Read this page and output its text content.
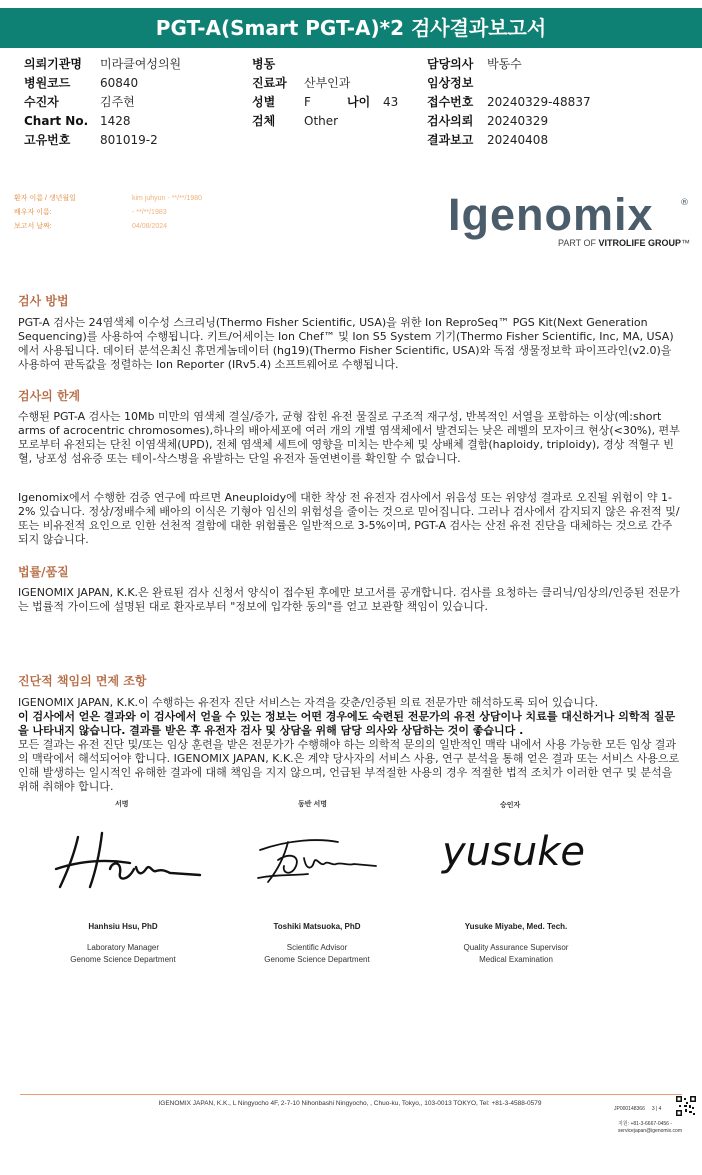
PGT-A(Smart PGT-A)*2 검사결과보고서
의뢰기관명 미라클여성의원
병원코드 60840
수진자	김주현
Chart No. 1428
고유번호 801019-2
병동
진료과 산부인과
성별 F	나이 43
검체 Other
담당의사 박동수
임상정보
접수번호 20240329-48837
검사의뢰 20240329
결과보고 20240408
환자 이름 / 생년월일	kim juhyun - **/**/1980
배우자 이름:	- **/**/1983
보고서 날짜:	04/08/2024	Igenomix	®
PART OF VITROLIFE GROUP™
검사 방법
PGT-A 검사는 24염색체 이수성 스크리닝(Thermo Fisher Scientific, USA)을 위한 Ion ReproSeq™ PGS Kit(Next Generation Sequencing)를 사용하여 수행됩니다. 키트/어세이는 Ion Chef™ 및 Ion S5 System 기기(Thermo Fisher Scientific, Inc, MA, USA)에서 사용됩니다. 데이터 분석은최신 휴먼게놈데이터 (hg19)(Thermo Fisher Scientific, USA)와 독점 생물정보학 파이프라인(v2.0)을 사용하여 판독값을 정렬하는 Ion Reporter (IRv5.4) 소프트웨어로 수행됩니다.
검사의 한계
수행된 PGT-A 검사는 10Mb 미만의 염색체 결실/증가, 균형 잡힌 유전 물질로 구조적 재구성, 반복적인 서열을 포함하는 이상(예:short arms of acrocentric chromosomes),하나의 배아세포에 여러 개의 개별 염색체에서 발견되는 낮은 레벨의 모자이크 현상(<30%), 편부모로부터 유전되는 단친 이염색체(UPD), 전체 염색체 세트에 영향을 미치는 반수체 및 상배체 결함(haploidy, triploidy), 경상 적혈구 빈혈, 낭포성 섬유증 또는 테이-삭스병을 유발하는 단일 유전자 돌연변이를 확인할 수 없습니다.
Igenomix에서 수행한 검증 연구에 따르면 Aneuploidy에 대한 착상 전 유전자 검사에서 위음성 또는 위양성 결과로 오진될 위험이 약 1-2% 있습니다. 정상/정배수체 배아의 이식은 기형아 임신의 위험성을 줄이는 것으로 믿어집니다. 그러나 검사에서 감지되지 않은 유전적 및/또는 비유전적 요인으로 인한 선천적 결함에 대한 위험률은 일반적으로 3-5%이며, PGT-A 검사는 산전 유전 진단을 대체하는 것으로 간주되지 않습니다.
법률/품질
IGENOMIX JAPAN, K.K.은 완료된 검사 신청서 양식이 접수된 후에만 보고서를 공개합니다. 검사를 요청하는 클리닉/임상의/인증된 전문가는 법률적 가이드에 설명된 대로 환자로부터 "정보에 입각한 동의"를 얻고 보관할 책임이 있습니다.
진단적 책임의 면제 조항
IGENOMIX JAPAN, K.K.이 수행하는 유전자 진단 서비스는 자격을 갖춘/인증된 의료 전문가만 해석하도록 되어 있습니다.
이 검사에서 얻은 결과와 이 검사에서 얻을 수 있는 정보는 어떤 경우에도 숙련된 전문가의 유전 상담이나 치료를 대신하거나 의학적 질문을 나타내지 않습니다. 결과를 받은 후 유전자 검사 및 상담을 위해 담당 의사와 상담하는 것이 좋습니다 .
모든 결과는 유전 진단 및/또는 임상 훈련을 받은 전문가가 수행해야 하는 의학적 문의의 일반적인 맥락 내에서 사용 가능한 모든 임상 결과의 맥락에서 해석되어야 합니다. IGENOMIX JAPAN, K.K.은 계약 당사자의 서비스 사용, 연구 분석을 통해 얻은 결과 또는 서비스 사용으로 인해 발생하는 일시적인 유해한 결과에 대해 책임을 지지 않으며, 언급된 부적절한 사용의 경우 적절한 법적 조치가 이러한 연구 및 분석을 위해 취해야 합니다.
서명	동반 서명	승인자
yusuke
Hanhsiu Hsu, PhD
Laboratory Manager
Genome Science Department
Toshiki Matsuoka, PhD
Scientific Advisor
Genome Science Department
Yusuke Miyabe, Med. Tech.
Quality Assurance Supervisor
Medical Examination
IGENOMIX JAPAN, K.K., L Ningyocho 4F, 2-7-10 Nihonbashi Ningyocho, , Chuo-ku, Tokyo,, 103-0013 TOKYO, Tel: +81-3-4588-0579
JP000148366 3 | 4
지원: +81-3-6667-0456 -
servicejapan@igenomix.com
